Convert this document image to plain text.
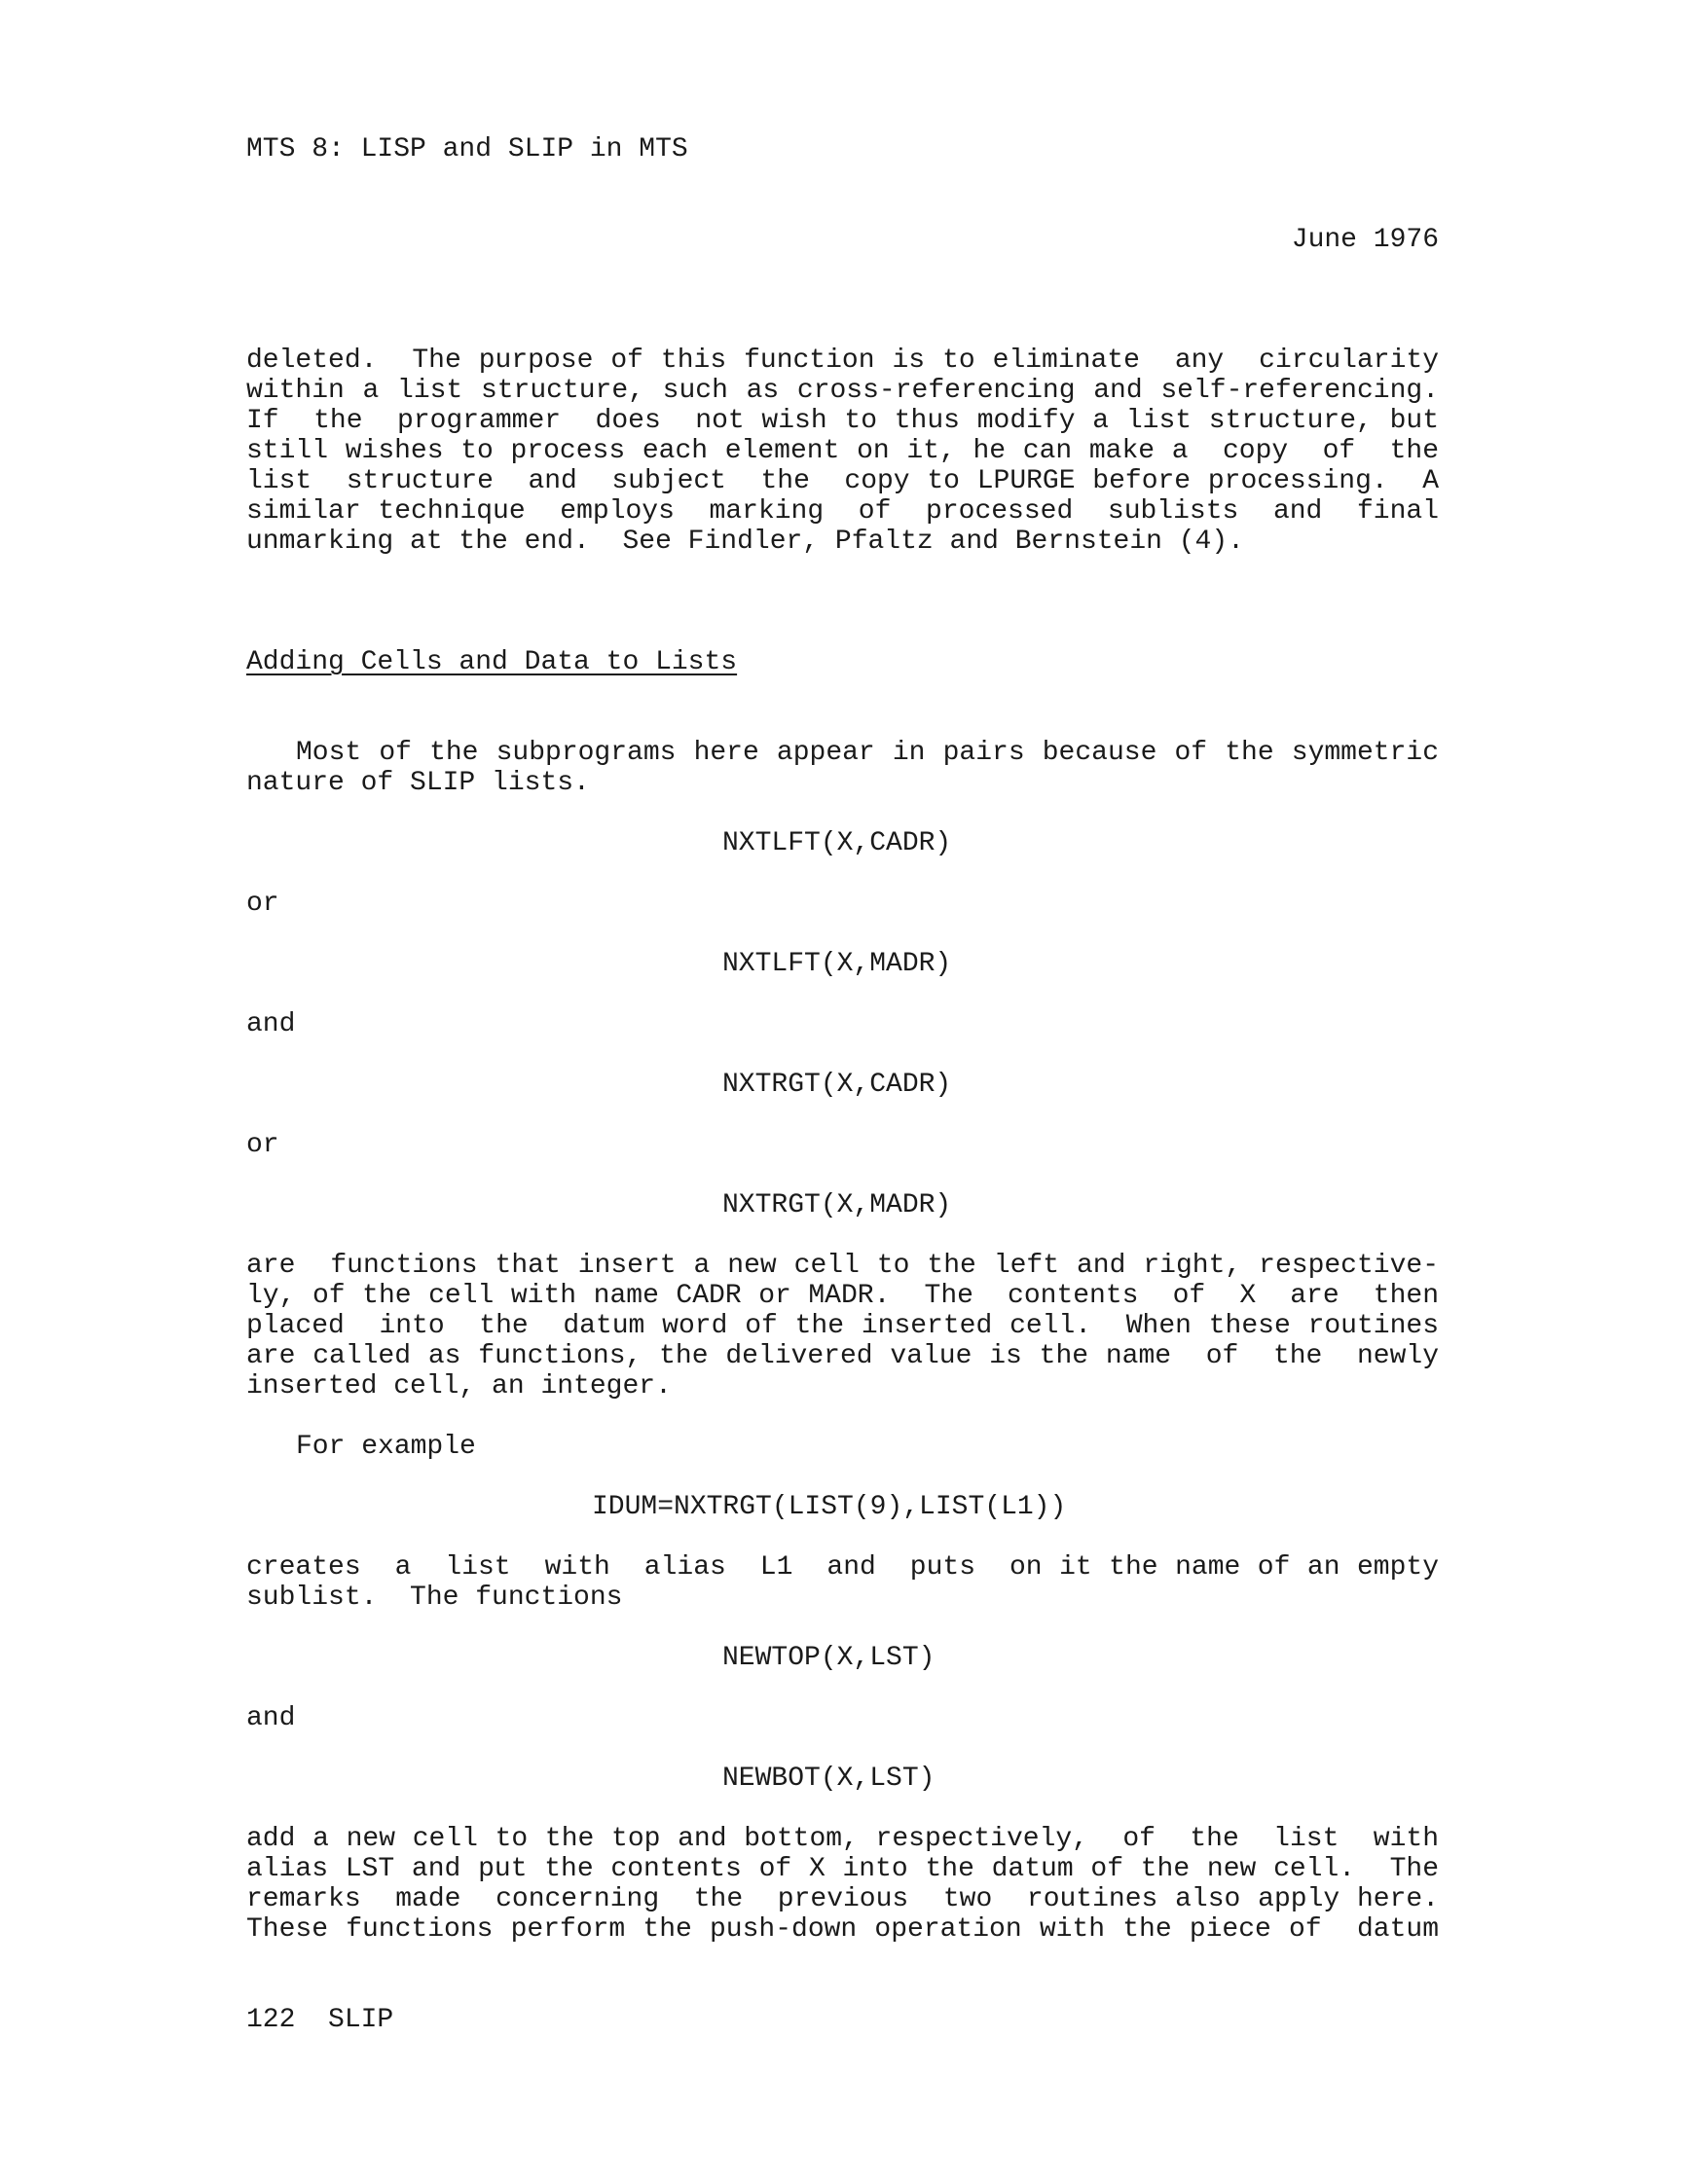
MTS 8: LISP and SLIP in MTS

June 1976

deleted.  The purpose of this function is to eliminate  any  circularity

within a list structure, such as cross-referencing and self-referencing.

If  the  programmer  does  not wish to thus modify a list structure, but

still wishes to process each element on it, he can make a  copy  of  the

list  structure  and  subject  the  copy to LPURGE before processing.  A

similar technique  employs  marking  of  processed  sublists  and  final

unmarking at the end.  See Findler, Pfaltz and Bernstein (4).

Adding Cells and Data to Lists

Most of the subprograms here appear in pairs because of the symmetric

nature of SLIP lists.

NXTLFT(X,CADR)

or

NXTLFT(X,MADR)

and

NXTRGT(X,CADR)

or

NXTRGT(X,MADR)

are  functions that insert a new cell to the left and right, respective-

ly, of the cell with name CADR or MADR.  The  contents  of  X  are  then

placed  into  the  datum word of the inserted cell.  When these routines

are called as functions, the delivered value is the name  of  the  newly

inserted cell, an integer.

For example

IDUM=NXTRGT(LIST(9),LIST(L1))

creates  a  list  with  alias  L1  and  puts  on it the name of an empty

sublist.  The functions

NEWTOP(X,LST)

and

NEWBOT(X,LST)

add a new cell to the top and bottom, respectively,  of  the  list  with

alias LST and put the contents of X into the datum of the new cell.  The

remarks  made  concerning  the  previous  two  routines also apply here.

These functions perform the push-down operation with the piece of  datum

122  SLIP
